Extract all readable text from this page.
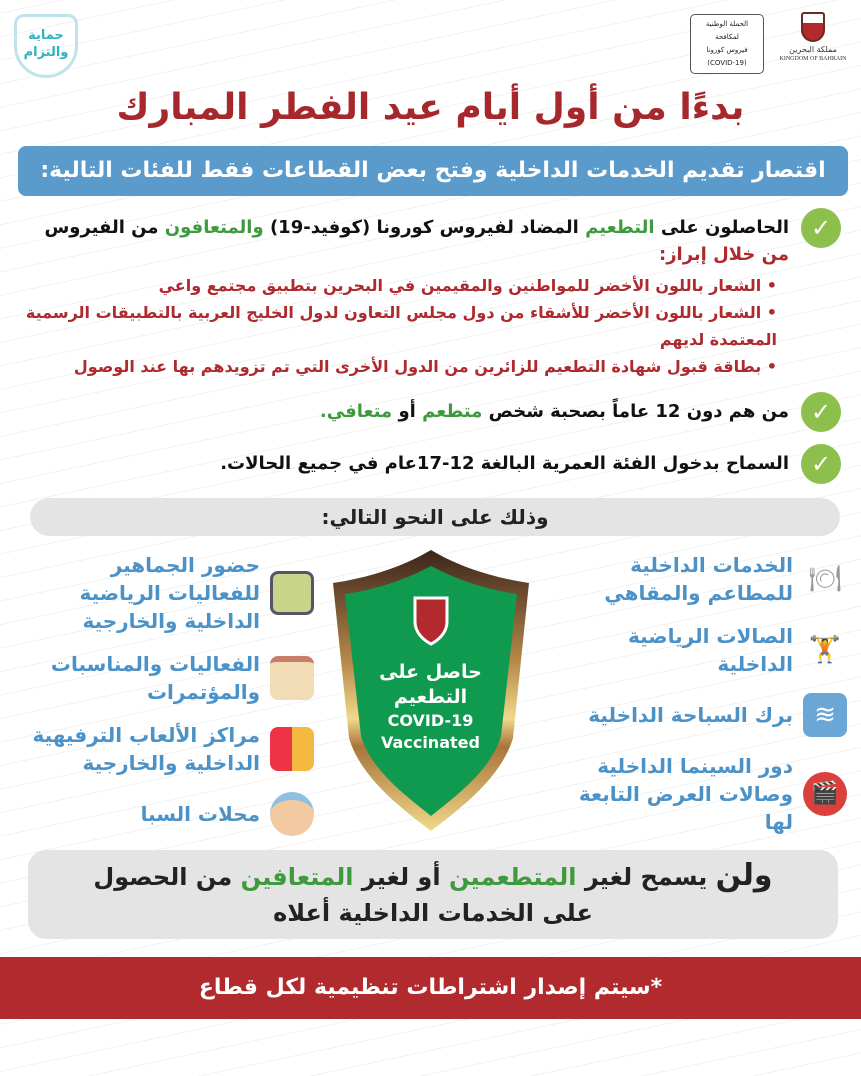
حماية
والتزام
الحملة الوطنية
لمكافحة
فيروس كورونا
(COVID-19)
مملكة البحرين
KINGDOM OF BAHRAIN
بدءًا من أول أيام عيد الفطر المبارك
اقتصار تقديم الخدمات الداخلية وفتح بعض القطاعات فقط للفئات التالية:
✓
الحاصلون على التطعيم المضاد لفيروس كورونا (كوفيد-19) والمتعافون من الفيروس
من خلال إبراز:
• الشعار باللون الأخضر للمواطنين والمقيمين في البحرين بتطبيق مجتمع واعي
• الشعار باللون الأخضر للأشقاء من دول مجلس التعاون لدول الخليج العربية بالتطبيقات الرسمية المعتمدة لديهم
• بطاقة قبول شهادة التطعيم للزائرين من الدول الأخرى التي تم تزويدهم بها عند الوصول
✓
من هم دون 12 عاماً بصحبة شخص متطعم أو متعافي.
✓
السماح بدخول الفئة العمرية البالغة 12-17عام في جميع الحالات.
وذلك على النحو التالي:
🍽
الخدمات الداخلية للمطاعم والمقاهي
🏋
الصالات الرياضية الداخلية
≋
برك السباحة الداخلية
🎬
دور السينما الداخلية وصالات العرض التابعة لها
حاصل على
التطعيم
COVID-19
Vaccinated
حضور الجماهير للفعاليات الرياضية الداخلية والخارجية
الفعاليات والمناسبات والمؤتمرات
مراكز الألعاب الترفيهية الداخلية والخارجية
محلات السبا
ولن يسمح لغير المتطعمين أو لغير المتعافين من الحصول
على الخدمات الداخلية أعلاه
*سيتم إصدار اشتراطات تنظيمية لكل قطاع
